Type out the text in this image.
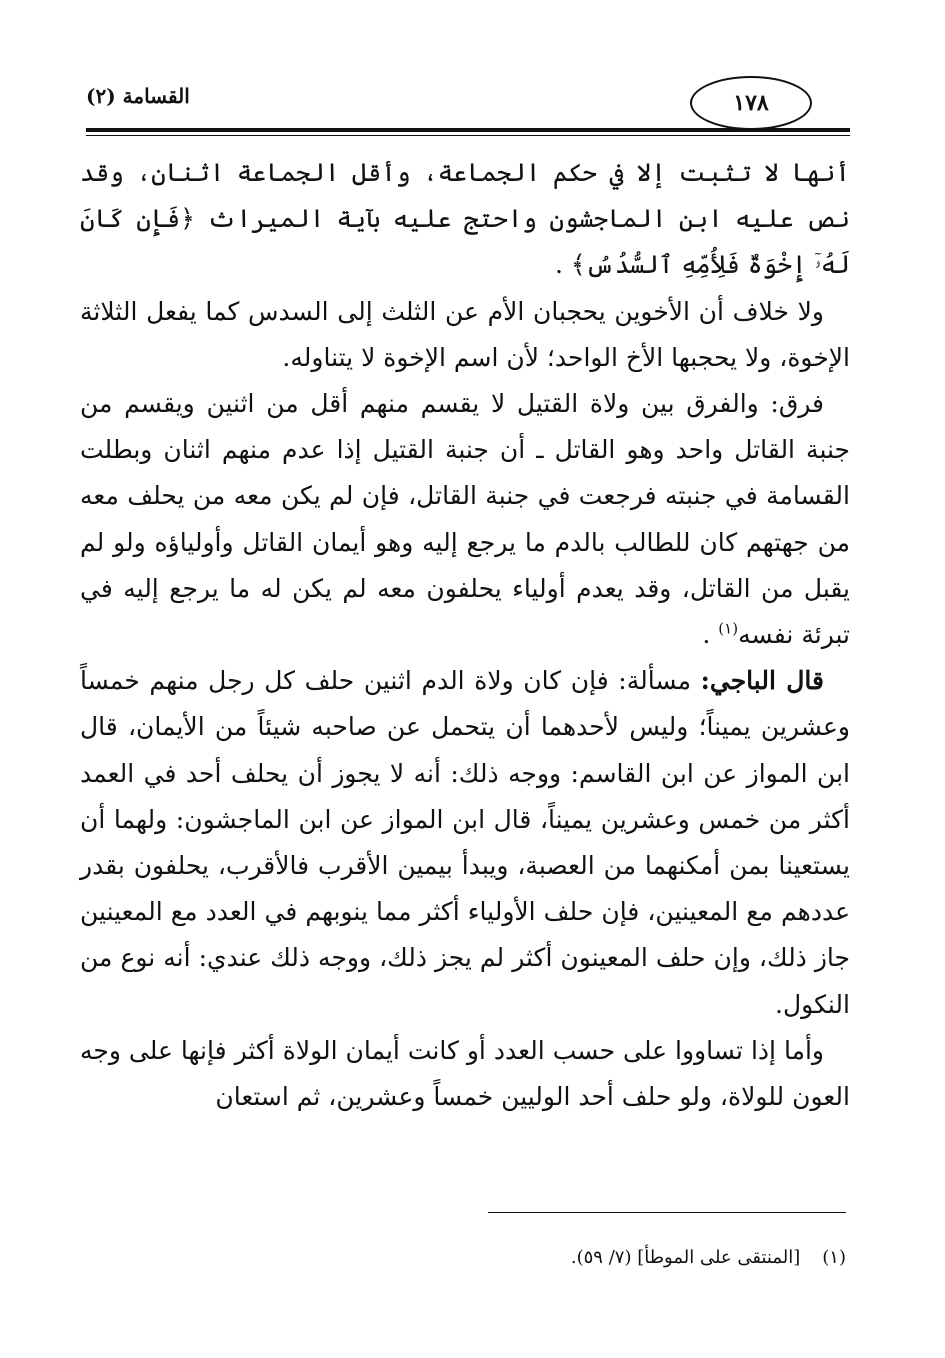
القسامة (٢)	١٧٨

أنها لا تثبت إلا في حكم الجماعة، وأقل الجماعة اثنان، وقد نص عليه ابن الماجشون واحتج عليه بآية الميراث ﴿فَإِن كَانَ لَهُۥٓ إِخْوَةٌ فَلِأُمِّهِ ٱلسُّدُسُ﴾ .

ولا خلاف أن الأخوين يحجبان الأم عن الثلث إلى السدس كما يفعل الثلاثة الإخوة، ولا يحجبها الأخ الواحد؛ لأن اسم الإخوة لا يتناوله.

فرق: والفرق بين ولاة القتيل لا يقسم منهم أقل من اثنين ويقسم من جنبة القاتل واحد وهو القاتل ـ أن جنبة القتيل إذا عدم منهم اثنان وبطلت القسامة في جنبته فرجعت في جنبة القاتل، فإن لم يكن معه من يحلف معه من جهتهم كان للطالب بالدم ما يرجع إليه وهو أيمان القاتل وأولياؤه ولو لم يقبل من القاتل، وقد يعدم أولياء يحلفون معه لم يكن له ما يرجع إليه في تبرئة نفسه$^{(١)}$ .

قال الباجي: مسألة: فإن كان ولاة الدم اثنين حلف كل رجل منهم خمساً وعشرين يميناً؛ وليس لأحدهما أن يتحمل عن صاحبه شيئاً من الأيمان، قال ابن المواز عن ابن القاسم: ووجه ذلك: أنه لا يجوز أن يحلف أحد في العمد أكثر من خمس وعشرين يميناً، قال ابن المواز عن ابن الماجشون: ولهما أن يستعينا بمن أمكنهما من العصبة، ويبدأ بيمين الأقرب فالأقرب، يحلفون بقدر عددهم مع المعينين، فإن حلف الأولياء أكثر مما ينوبهم في العدد مع المعينين جاز ذلك، وإن حلف المعينون أكثر لم يجز ذلك، ووجه ذلك عندي: أنه نوع من النكول.

وأما إذا تساووا على حسب العدد أو كانت أيمان الولاة أكثر فإنها على وجه العون للولاة، ولو حلف أحد الوليين خمساً وعشرين، ثم استعان

(١)[المنتقى على الموطأ] (٧/ ٥٩).
